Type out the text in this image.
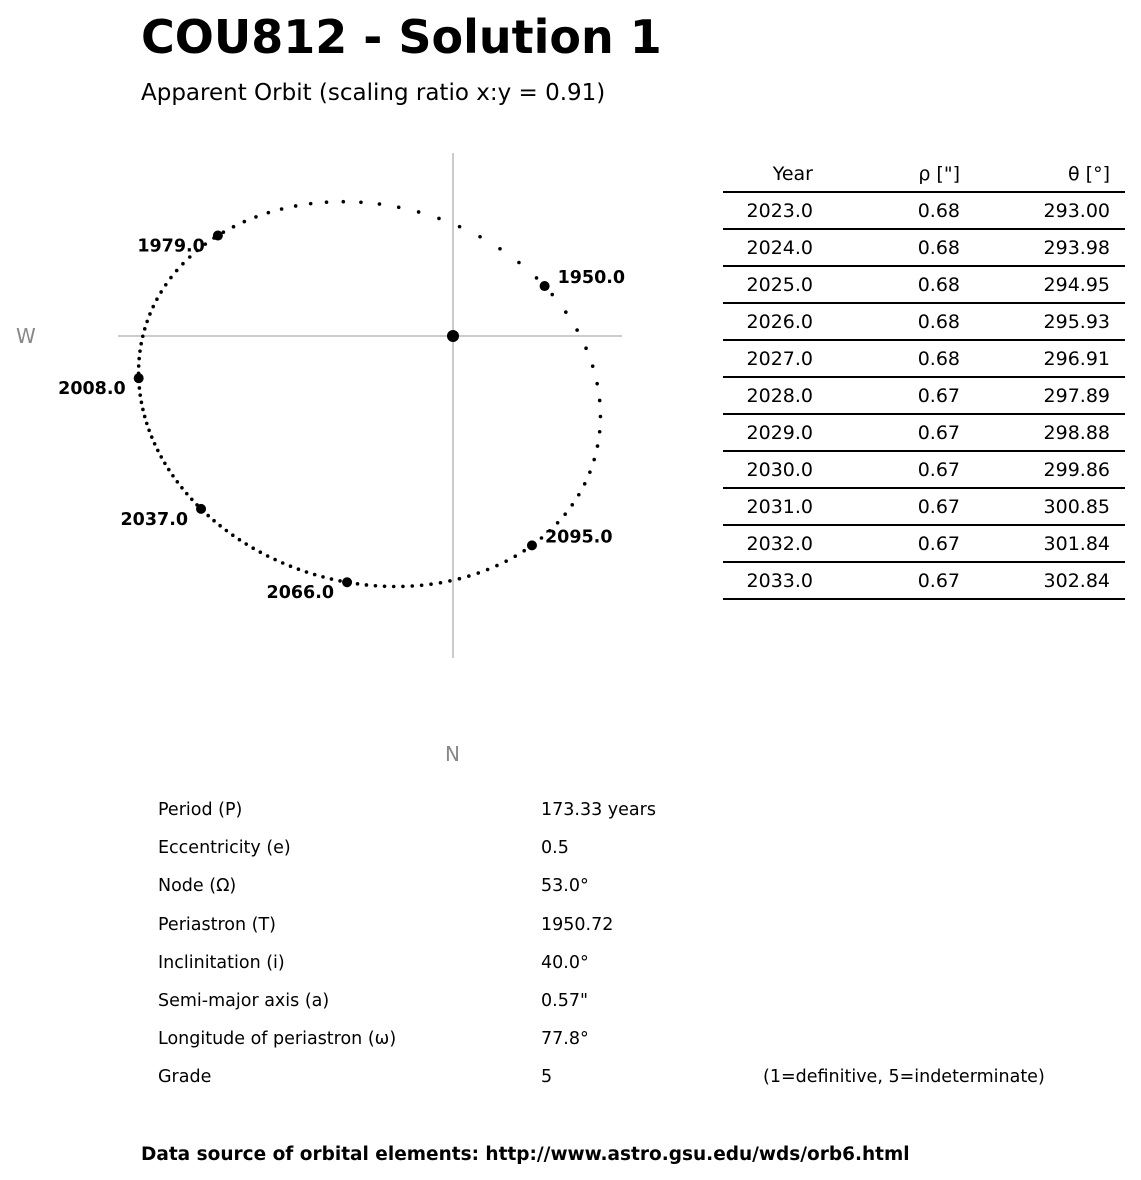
COU812 - Solution 1
Apparent Orbit (scaling ratio x:y = 0.91)
1950.0
1979.0
2008.0
2037.0
2066.0
2095.0
W
N
Year	ρ ["]	θ [°]	
2023.0	0.68	293.00	
2024.0	0.68	293.98	
2025.0	0.68	294.95	
2026.0	0.68	295.93	
2027.0	0.68	296.91	
2028.0	0.67	297.89	
2029.0	0.67	298.88	
2030.0	0.67	299.86	
2031.0	0.67	300.85	
2032.0	0.67	301.84	
2033.0	0.67	302.84	
Period (P)	173.33 years
Eccentricity (e)	0.5
Node (Ω)	53.0°
Periastron (T)	1950.72
Inclinitation (i)	40.0°
Semi-major axis (a)	0.57"
Longitude of periastron (ω)	77.8°
Grade	5	(1=definitive, 5=indeterminate)
Data source of orbital elements: http://www.astro.gsu.edu/wds/orb6.html
